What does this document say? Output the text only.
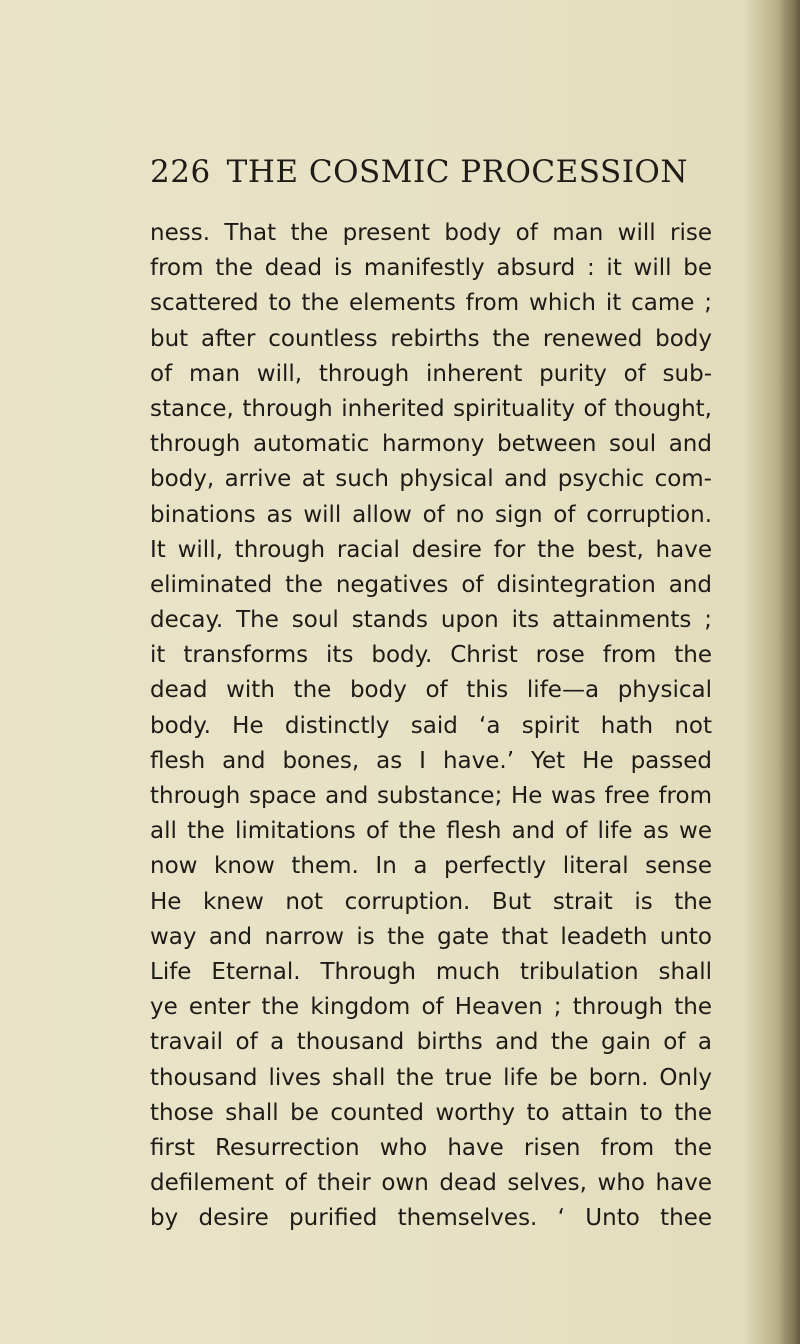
226 THE COSMIC PROCESSION
ness. That the present body of man will rise
from the dead is manifestly absurd : it will be
scattered to the elements from which it came ;
but after countless rebirths the renewed body
of man will, through inherent purity of sub-
stance, through inherited spirituality of thought,
through automatic harmony between soul and
body, arrive at such physical and psychic com-
binations as will allow of no sign of corruption.
It will, through racial desire for the best, have
eliminated the negatives of disintegration and
decay. The soul stands upon its attainments ;
it transforms its body. Christ rose from the
dead with the body of this life—a physical
body. He distinctly said ‘a spirit hath not
flesh and bones, as I have.’ Yet He passed
through space and substance; He was free from
all the limitations of the flesh and of life as we
now know them. In a perfectly literal sense
He knew not corruption. But strait is the
way and narrow is the gate that leadeth unto
Life Eternal. Through much tribulation shall
ye enter the kingdom of Heaven ; through the
travail of a thousand births and the gain of a
thousand lives shall the true life be born. Only
those shall be counted worthy to attain to the
first Resurrection who have risen from the
defilement of their own dead selves, who have
by desire purified themselves. ‘ Unto thee
